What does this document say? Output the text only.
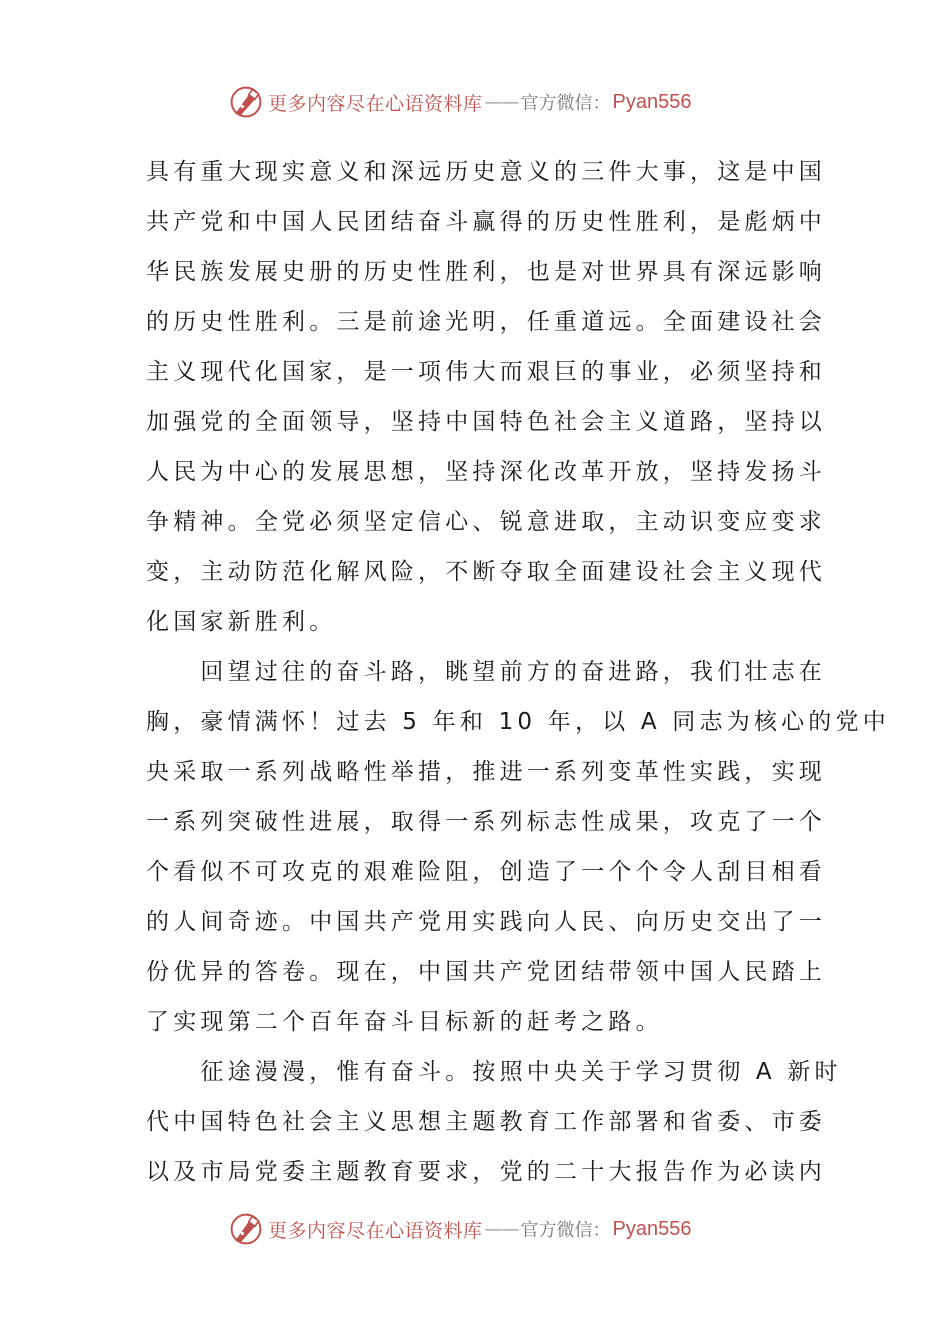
更多内容尽在心语资料库 —— 官方微信： Pyan556
具有重大现实意义和深远历史意义的三件大事，这是中国
共产党和中国人民团结奋斗赢得的历史性胜利，是彪炳中
华民族发展史册的历史性胜利，也是对世界具有深远影响
的历史性胜利。三是前途光明，任重道远。全面建设社会
主义现代化国家，是一项伟大而艰巨的事业，必须坚持和
加强党的全面领导，坚持中国特色社会主义道路，坚持以
人民为中心的发展思想，坚持深化改革开放，坚持发扬斗
争精神。全党必须坚定信心、锐意进取，主动识变应变求
变，主动防范化解风险，不断夺取全面建设社会主义现代
化国家新胜利。
　　回望过往的奋斗路，眺望前方的奋进路，我们壮志在
胸，豪情满怀！过去 5 年和 10 年，以 A 同志为核心的党中
央采取一系列战略性举措，推进一系列变革性实践，实现
一系列突破性进展，取得一系列标志性成果，攻克了一个
个看似不可攻克的艰难险阻，创造了一个个令人刮目相看
的人间奇迹。中国共产党用实践向人民、向历史交出了一
份优异的答卷。现在，中国共产党团结带领中国人民踏上
了实现第二个百年奋斗目标新的赶考之路。
　　征途漫漫，惟有奋斗。按照中央关于学习贯彻 A 新时
代中国特色社会主义思想主题教育工作部署和省委、市委
以及市局党委主题教育要求，党的二十大报告作为必读内
更多内容尽在心语资料库 —— 官方微信： Pyan556
